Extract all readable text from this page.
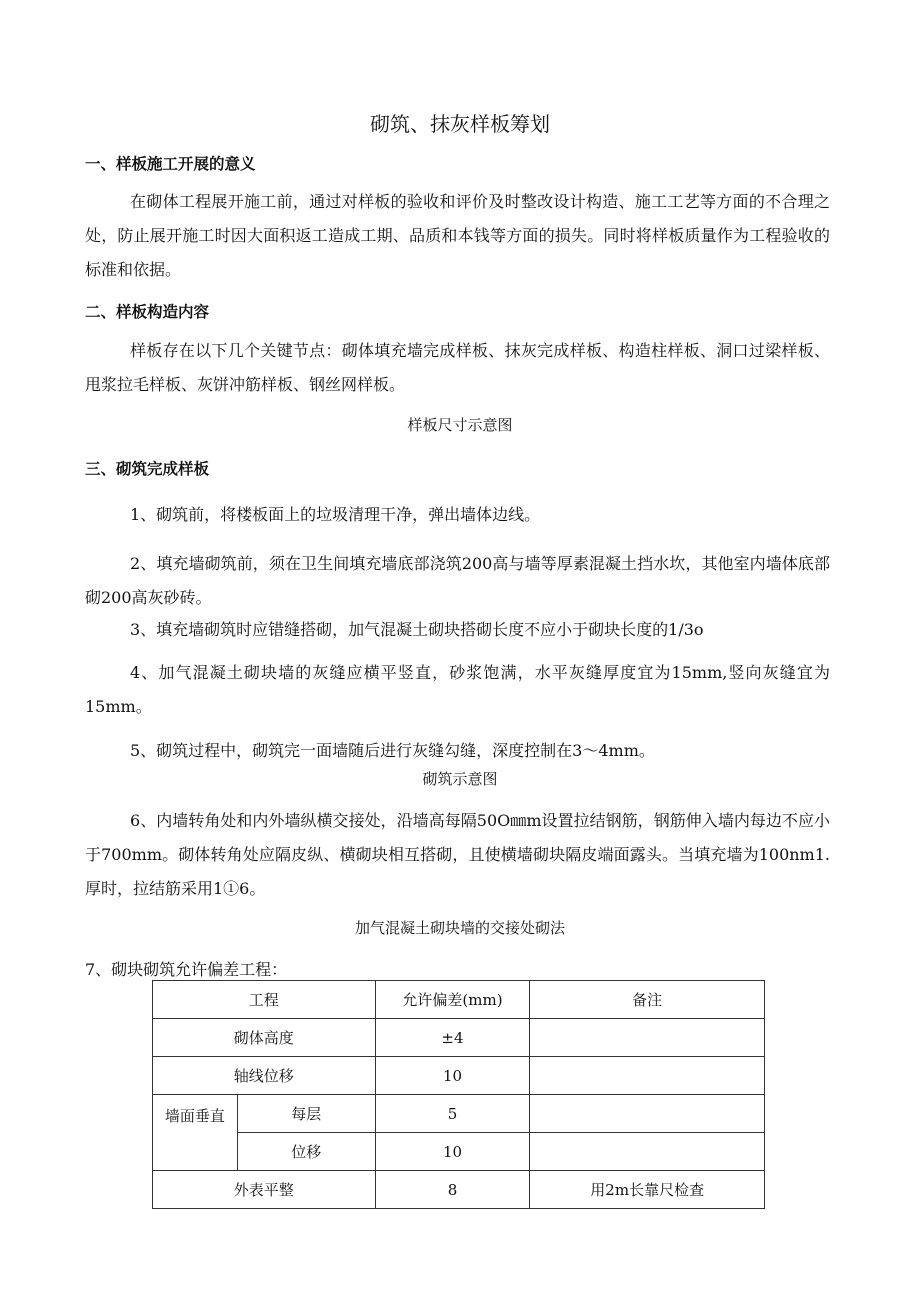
砌筑、抹灰样板筹划
一、样板施工开展的意义
在砌体工程展开施工前，通过对样板的验收和评价及时整改设计构造、施工工艺等方面的不合理之处，防止展开施工时因大面积返工造成工期、品质和本钱等方面的损失。同时将样板质量作为工程验收的标准和依据。
二、样板构造内容
样板存在以下几个关键节点：砌体填充墙完成样板、抹灰完成样板、构造柱样板、洞口过梁样板、甩浆拉毛样板、灰饼冲筋样板、钢丝网样板。
样板尺寸示意图
三、砌筑完成样板
1、砌筑前，将楼板面上的垃圾清理干净，弹出墙体边线。
2、填充墙砌筑前，须在卫生间填充墙底部浇筑200高与墙等厚素混凝土挡水坎，其他室内墙体底部砌200高灰砂砖。
3、填充墙砌筑时应错缝搭砌，加气混凝土砌块搭砌长度不应小于砌块长度的1/3o
4、加气混凝土砌块墙的灰缝应横平竖直，砂浆饱满，水平灰缝厚度宜为15mm,竖向灰缝宜为15mm。
5、砌筑过程中，砌筑完一面墙随后进行灰缝勾缝，深度控制在3～4mm。
砌筑示意图
6、内墙转角处和内外墙纵横交接处，沿墙高每隔50O㎜m设置拉结钢筋，钢筋伸入墙内每边不应小于700mm。砌体转角处应隔皮纵、横砌块相互搭砌，且使横墙砌块隔皮端面露头。当填充墙为100nm1.厚时，拉结筋采用1①6。
加气混凝土砌块墙的交接处砌法
7、砌块砌筑允许偏差工程：
工程		允许偏差(mm)	备注
砌体高度		±4	
轴线位移		10	
墙面垂直	每层	5	
	位移	10	
外表平整		8	用2m长靠尺检查
